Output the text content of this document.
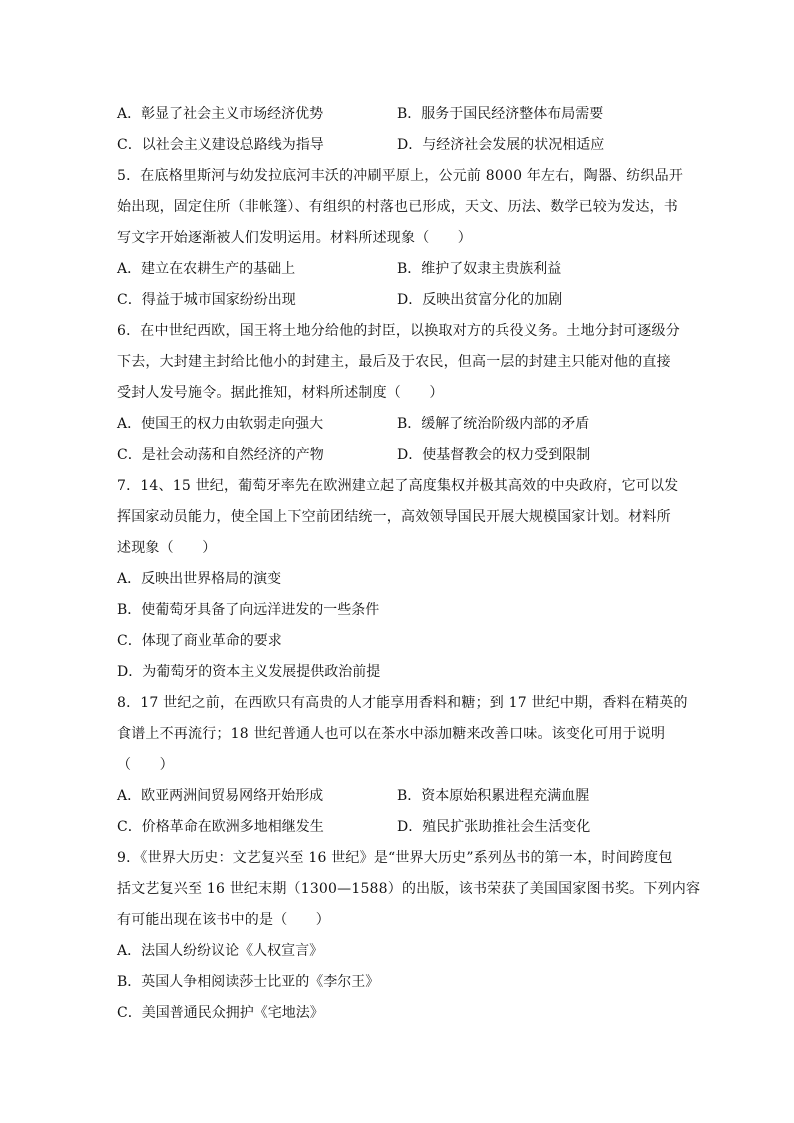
A．彰显了社会主义市场经济优势	B．服务于国民经济整体布局需要
C．以社会主义建设总路线为指导	D．与经济社会发展的状况相适应
5．在底格里斯河与幼发拉底河丰沃的冲刷平原上，公元前 8000 年左右，陶器、纺织品开
始出现，固定住所（非帐篷）、有组织的村落也已形成，天文、历法、数学已较为发达，书
写文字开始逐渐被人们发明运用。材料所述现象（　　）
A．建立在农耕生产的基础上	B．维护了奴隶主贵族利益
C．得益于城市国家纷纷出现	D．反映出贫富分化的加剧
6．在中世纪西欧，国王将土地分给他的封臣，以换取对方的兵役义务。土地分封可逐级分
下去，大封建主封给比他小的封建主，最后及于农民，但高一层的封建主只能对他的直接
受封人发号施令。据此推知，材料所述制度（　　）
A．使国王的权力由软弱走向强大	B．缓解了统治阶级内部的矛盾
C．是社会动荡和自然经济的产物	D．使基督教会的权力受到限制
7．14、15 世纪，葡萄牙率先在欧洲建立起了高度集权并极其高效的中央政府，它可以发
挥国家动员能力，使全国上下空前团结统一，高效领导国民开展大规模国家计划。材料所
述现象（　　）
A．反映出世界格局的演变
B．使葡萄牙具备了向远洋进发的一些条件
C．体现了商业革命的要求
D．为葡萄牙的资本主义发展提供政治前提
8．17 世纪之前，在西欧只有高贵的人才能享用香料和糖；到 17 世纪中期，香料在精英的
食谱上不再流行；18 世纪普通人也可以在茶水中添加糖来改善口味。该变化可用于说明
（　　）
A．欧亚两洲间贸易网络开始形成	B．资本原始积累进程充满血腥
C．价格革命在欧洲多地相继发生	D．殖民扩张助推社会生活变化
9．《世界大历史：文艺复兴至 16 世纪》是“世界大历史”系列丛书的第一本，时间跨度包
括文艺复兴至 16 世纪末期（1300—1588）的出版，该书荣获了美国国家图书奖。下列内容
有可能出现在该书中的是（　　）
A．法国人纷纷议论《人权宣言》
B．英国人争相阅读莎士比亚的《李尔王》
C．美国普通民众拥护《宅地法》
